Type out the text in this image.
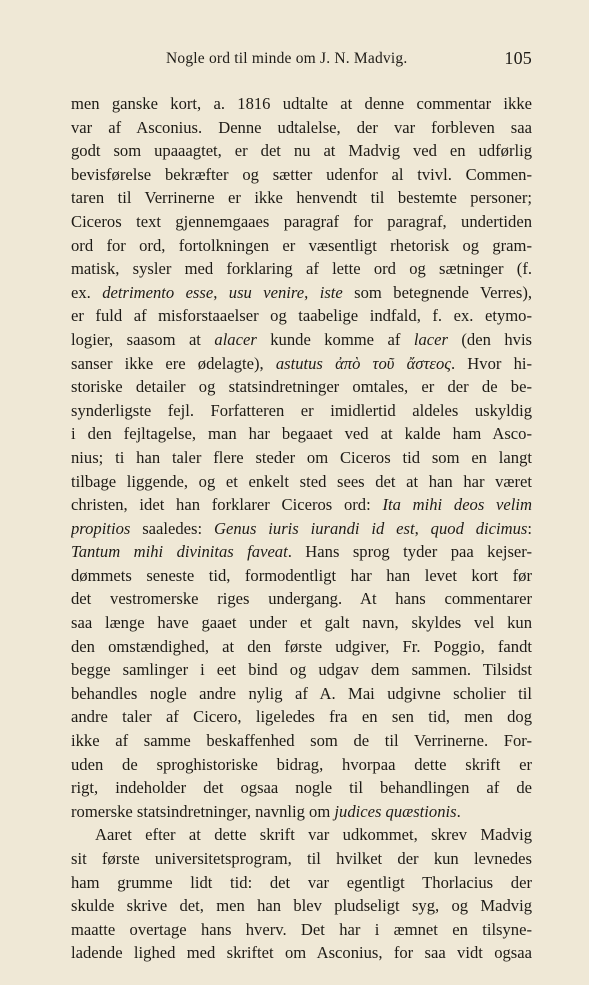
Nogle ord til minde om J. N. Madvig.	105
men ganske kort, a. 1816 udtalte at denne commentar ikke
var af Asconius. Denne udtalelse, der var forbleven saa
godt som upaaagtet, er det nu at Madvig ved en udførlig
bevisførelse bekræfter og sætter udenfor al tvivl. Commen-
taren til Verrinerne er ikke henvendt til bestemte personer;
Ciceros text gjennemgaaes paragraf for paragraf, undertiden
ord for ord, fortolkningen er væsentligt rhetorisk og gram-
matisk, sysler med forklaring af lette ord og sætninger (f.
ex. detrimento esse, usu venire, iste som betegnende Verres),
er fuld af misforstaaelser og taabelige indfald, f. ex. etymo-
logier, saasom at alacer kunde komme af lacer (den hvis
sanser ikke ere ødelagte), astutus ἀπὸ τοῦ ἄστεος. Hvor hi-
storiske detailer og statsindretninger omtales, er der de be-
synderligste fejl. Forfatteren er imidlertid aldeles uskyldig
i den fejltagelse, man har begaaet ved at kalde ham Asco-
nius; ti han taler flere steder om Ciceros tid som en langt
tilbage liggende, og et enkelt sted sees det at han har været
christen, idet han forklarer Ciceros ord: Ita mihi deos velim
propitios saaledes: Genus iuris iurandi id est, quod dicimus:
Tantum mihi divinitas faveat. Hans sprog tyder paa kejser-
dømmets seneste tid, formodentligt har han levet kort før
det vestromerske riges undergang. At hans commentarer
saa længe have gaaet under et galt navn, skyldes vel kun
den omstændighed, at den første udgiver, Fr. Poggio, fandt
begge samlinger i eet bind og udgav dem sammen. Tilsidst
behandles nogle andre nylig af A. Mai udgivne scholier til
andre taler af Cicero, ligeledes fra en sen tid, men dog
ikke af samme beskaffenhed som de til Verrinerne. For-
uden de sproghistoriske bidrag, hvorpaa dette skrift er
rigt, indeholder det ogsaa nogle til behandlingen af de
romerske statsindretninger, navnlig om judices quæstionis.
Aaret efter at dette skrift var udkommet, skrev Madvig
sit første universitetsprogram, til hvilket der kun levnedes
ham grumme lidt tid: det var egentligt Thorlacius der
skulde skrive det, men han blev pludseligt syg, og Madvig
maatte overtage hans hverv. Det har i æmnet en tilsyne-
ladende lighed med skriftet om Asconius, for saa vidt ogsaa
